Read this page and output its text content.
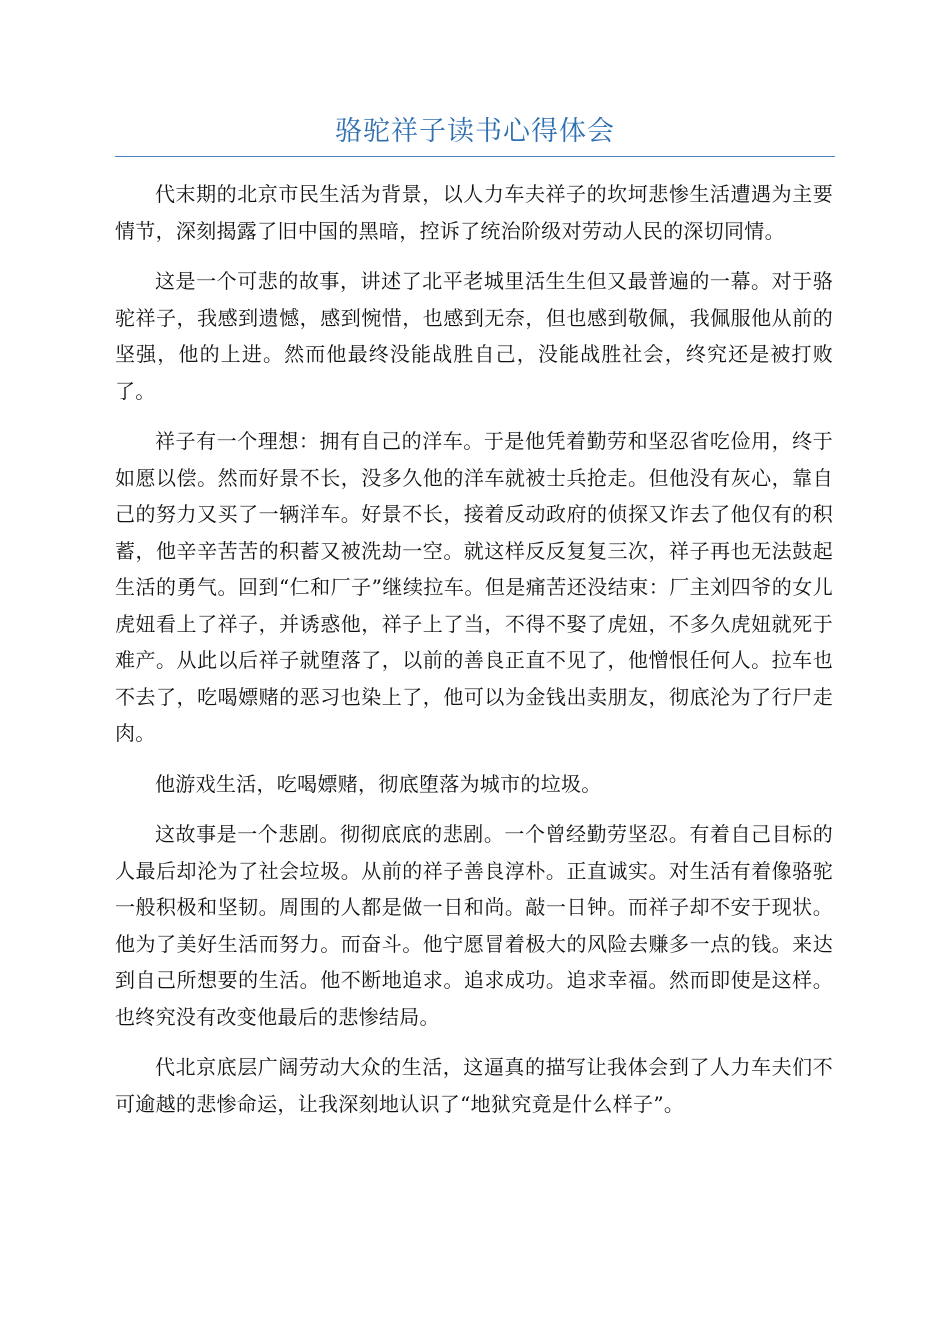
骆驼祥子读书心得体会

代末期的北京市民生活为背景，以人力车夫祥子的坎坷悲惨生活遭遇为主要情节，深刻揭露了旧中国的黑暗，控诉了统治阶级对劳动人民的深切同情。

这是一个可悲的故事，讲述了北平老城里活生生但又最普遍的一幕。对于骆驼祥子，我感到遗憾，感到惋惜，也感到无奈，但也感到敬佩，我佩服他从前的坚强，他的上进。然而他最终没能战胜自己，没能战胜社会，终究还是被打败了。

祥子有一个理想：拥有自己的洋车。于是他凭着勤劳和坚忍省吃俭用，终于如愿以偿。然而好景不长，没多久他的洋车就被士兵抢走。但他没有灰心，靠自己的努力又买了一辆洋车。好景不长，接着反动政府的侦探又诈去了他仅有的积蓄，他辛辛苦苦的积蓄又被洗劫一空。就这样反反复复三次，祥子再也无法鼓起生活的勇气。回到“仁和厂子”继续拉车。但是痛苦还没结束：厂主刘四爷的女儿虎妞看上了祥子，并诱惑他，祥子上了当，不得不娶了虎妞，不多久虎妞就死于难产。从此以后祥子就堕落了，以前的善良正直不见了，他憎恨任何人。拉车也不去了，吃喝嫖赌的恶习也染上了，他可以为金钱出卖朋友，彻底沦为了行尸走肉。

他游戏生活，吃喝嫖赌，彻底堕落为城市的垃圾。

这故事是一个悲剧。彻彻底底的悲剧。一个曾经勤劳坚忍。有着自己目标的人最后却沦为了社会垃圾。从前的祥子善良淳朴。正直诚实。对生活有着像骆驼一般积极和坚韧。周围的人都是做一日和尚。敲一日钟。而祥子却不安于现状。他为了美好生活而努力。而奋斗。他宁愿冒着极大的风险去赚多一点的钱。来达到自己所想要的生活。他不断地追求。追求成功。追求幸福。然而即使是这样。也终究没有改变他最后的悲惨结局。

代北京底层广阔劳动大众的生活，这逼真的描写让我体会到了人力车夫们不可逾越的悲惨命运，让我深刻地认识了“地狱究竟是什么样子”。
